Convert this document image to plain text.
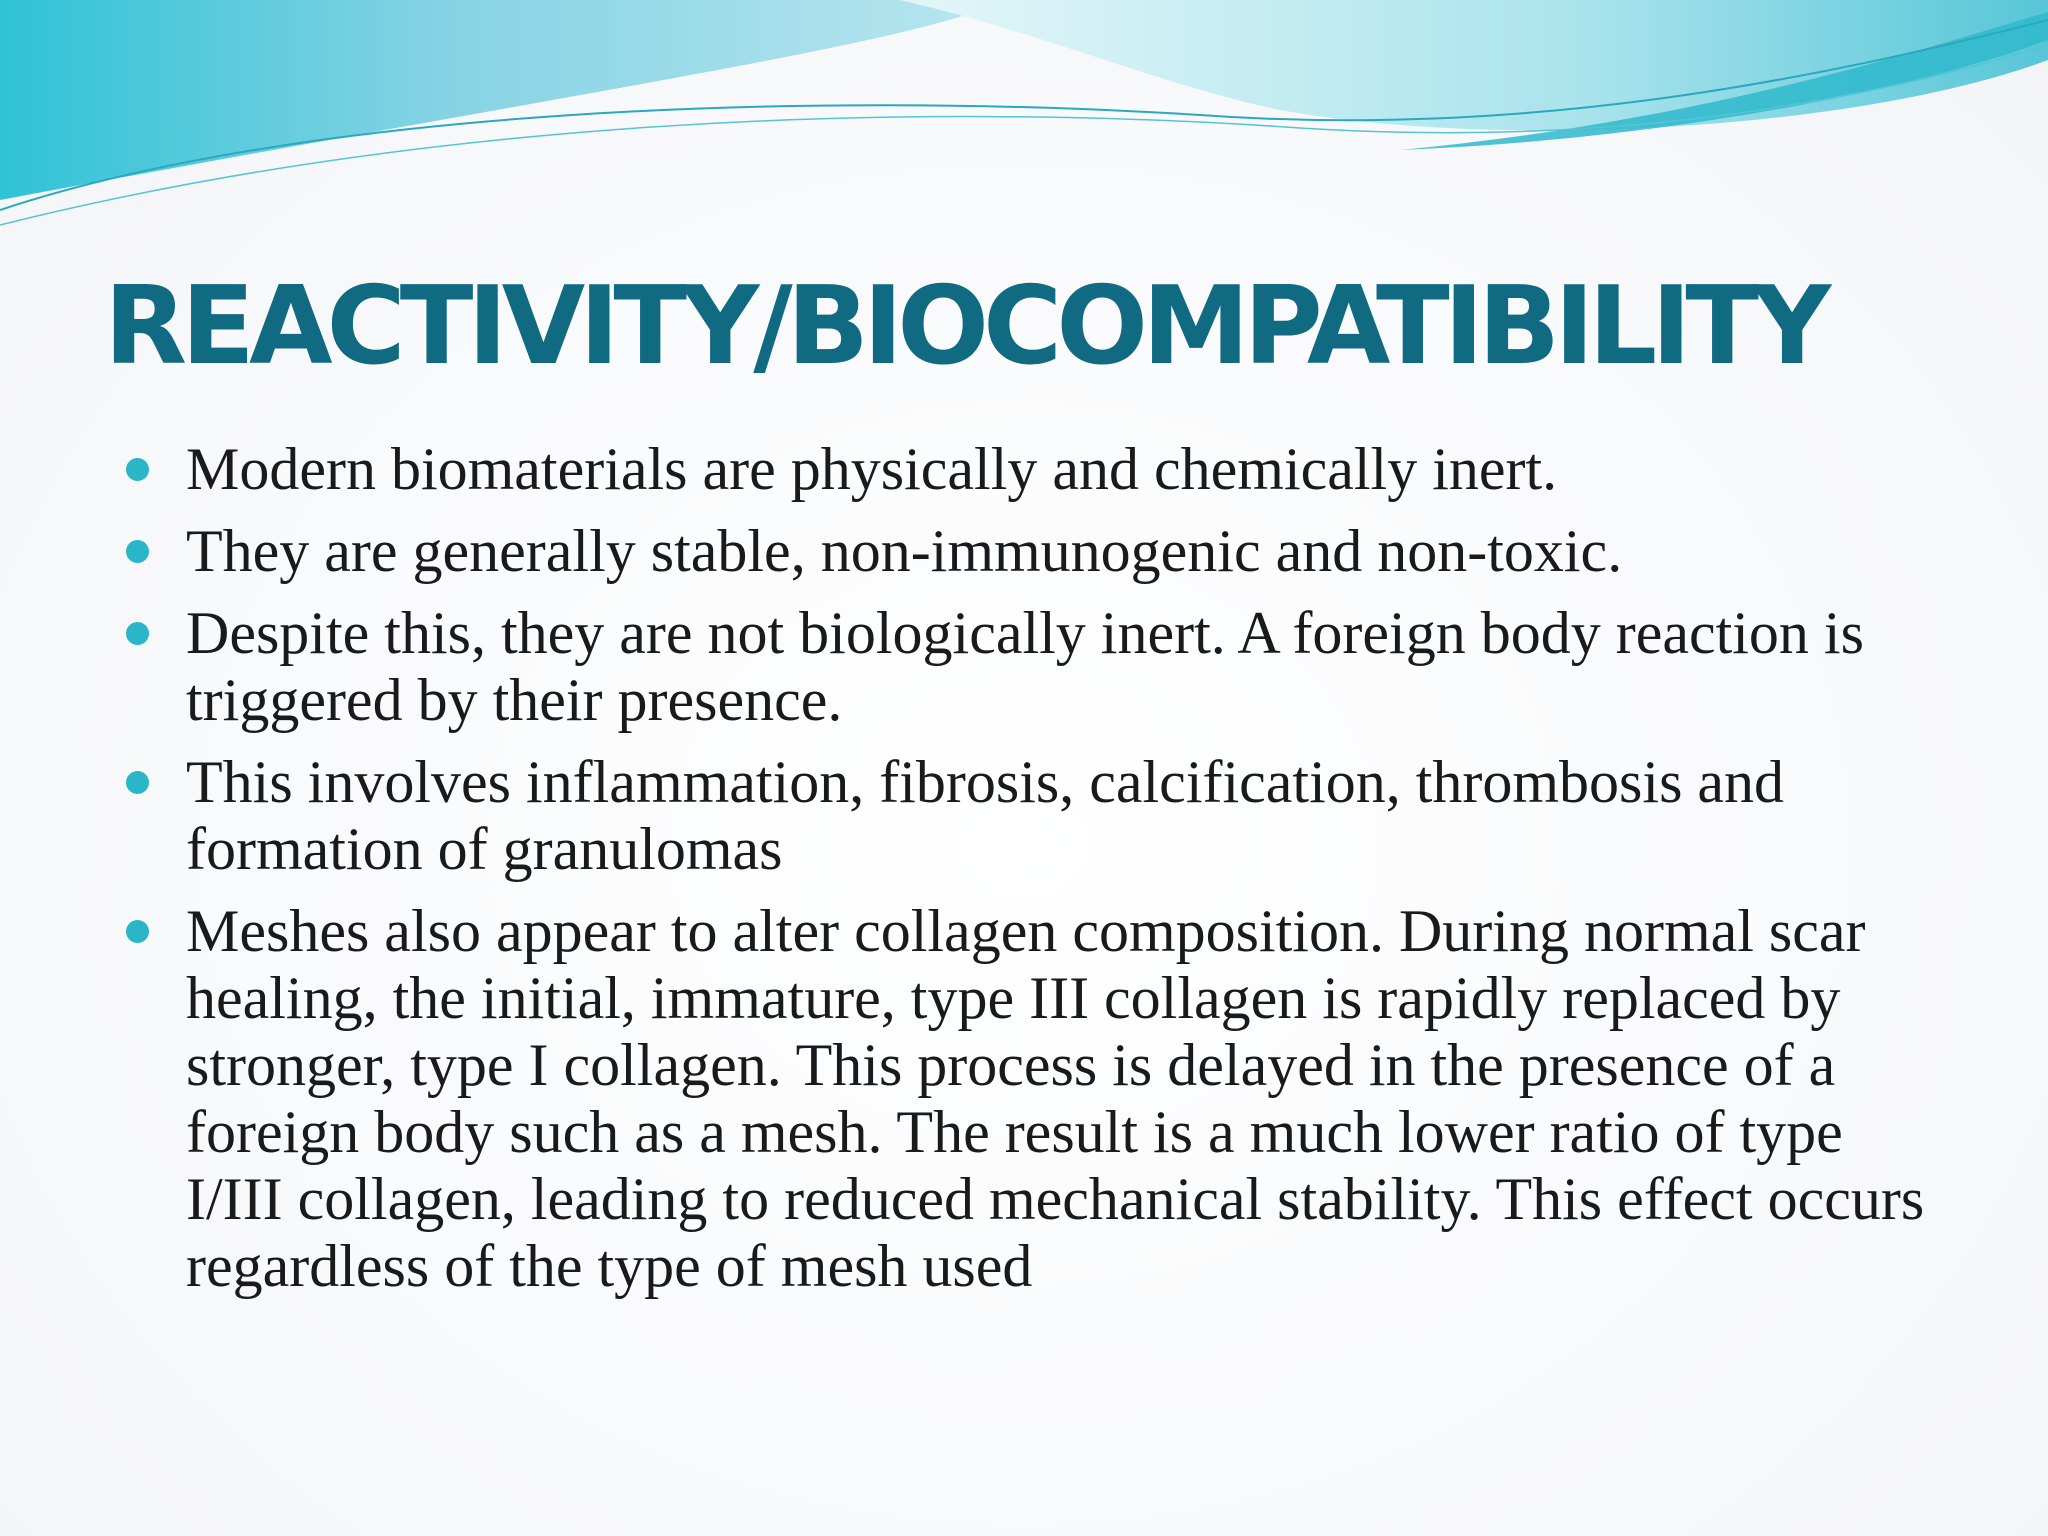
REACTIVITY/BIOCOMPATIBILITY
Modern biomaterials are physically and chemically inert.
They are generally stable, non-immunogenic and non-toxic.
Despite this, they are not biologically inert. A foreign body reaction is triggered by their presence.
This involves inflammation, fibrosis, calcification, thrombosis and formation of granulomas
Meshes also appear to alter collagen composition. During normal scar healing, the initial, immature, type III collagen is rapidly replaced by stronger, type I collagen. This process is delayed in the presence of a foreign body such as a mesh. The result is a much lower ratio of type I/III collagen, leading to reduced mechanical stability. This effect occurs regardless of the type of mesh used
